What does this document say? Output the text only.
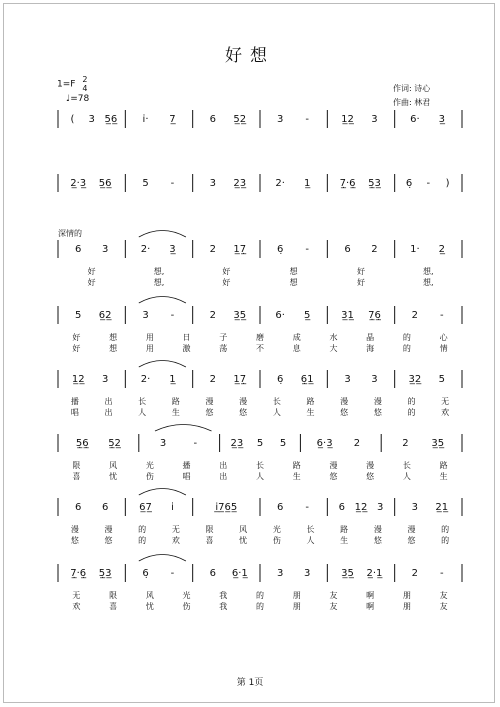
好想
1=F 2
4
♩=78
作词: 诗心
作曲: 林君
深情的
( 3 5̲6̲	i̇· 7̲	6 5̲2̲	3 -	1̲2̲ 3	6· 3̲
2̲·3̲ 5̲6̲	5 -	3 2̲3̲	2· 1̲	7̣̲·6̣̲ 5̣̲3̲	6̣ - )
6 3	2· 3̲	2 1̲7̣̲	6̣ -	6 2	1· 2̲
好	想,	好	想	好	想,
好	想,	好	想	好	想,
5 6̲2̲	3 -	2 3̲5̲	6· 5̲	3̲1̲ 7̣̲6̣̲	2 -
好	想	用	日	子	磨	成	水	晶	的	心
好	想	用	激	荡	不	息	大	海	的	情
1̲2̲ 3	2· 1̲	2 1̲7̣̲	6̣ 6̣̲1̲	3 3	3̲2̲ 5
播	出	长	路	漫	漫	长	路	漫	漫	的	无
唱	出	人	生	悠	悠	人	生	悠	悠	的	欢
5̣̲6̣̲ 5̣̲2̲	3	-	2̲3̲ 5 5	6̲·3̲ 2	2 3̲5̲
限	风	光	播	出	长	路	漫	漫	长	路
喜	忧	伤	唱	出	人	生	悠	悠	人	生
6 6	6̲7̲ i̇	i̲7̲6̲5̲	6 -	6 1̲2̲ 3	3 2̲1̲
漫	漫	的	无	限	风	光	长	路	漫	漫	的
悠	悠	的	欢	喜	忧	伤	人	生	悠	悠	的
7̣̲·6̣̲ 5̣̲3̲	6̣ -	6 6̲·1̲	3 3	3̲5̲ 2̲·1̲	2 -
无	限	风	光	我	的	朋	友	啊	朋	友
欢	喜	忧	伤	我	的	朋	友	啊	朋	友
第 1页
